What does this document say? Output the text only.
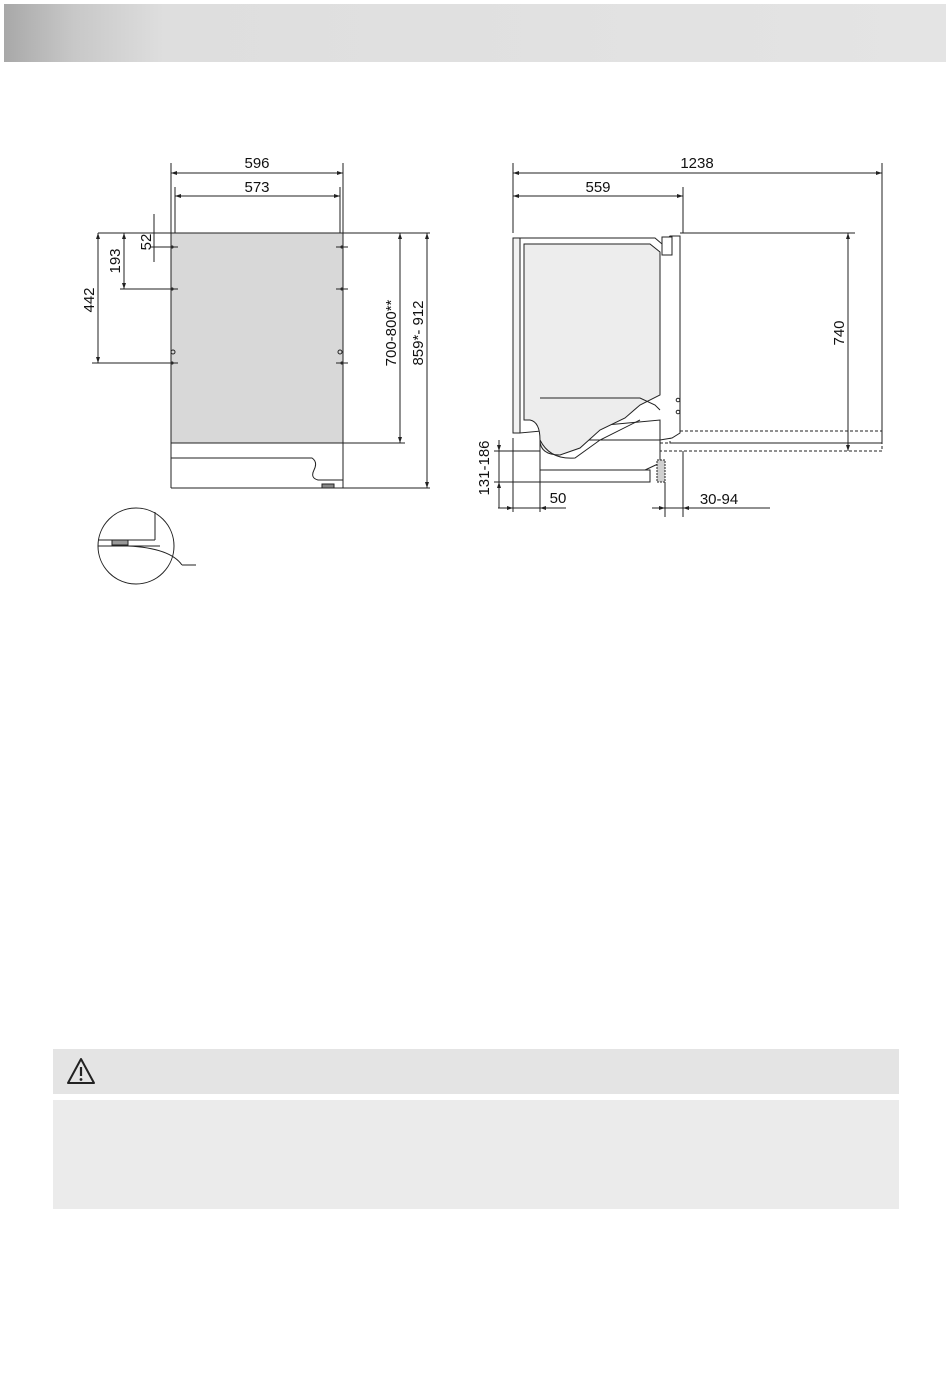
596
573
52
193
442	700-800** 859*- 912
1238
559
740
131-186
50	30-94
